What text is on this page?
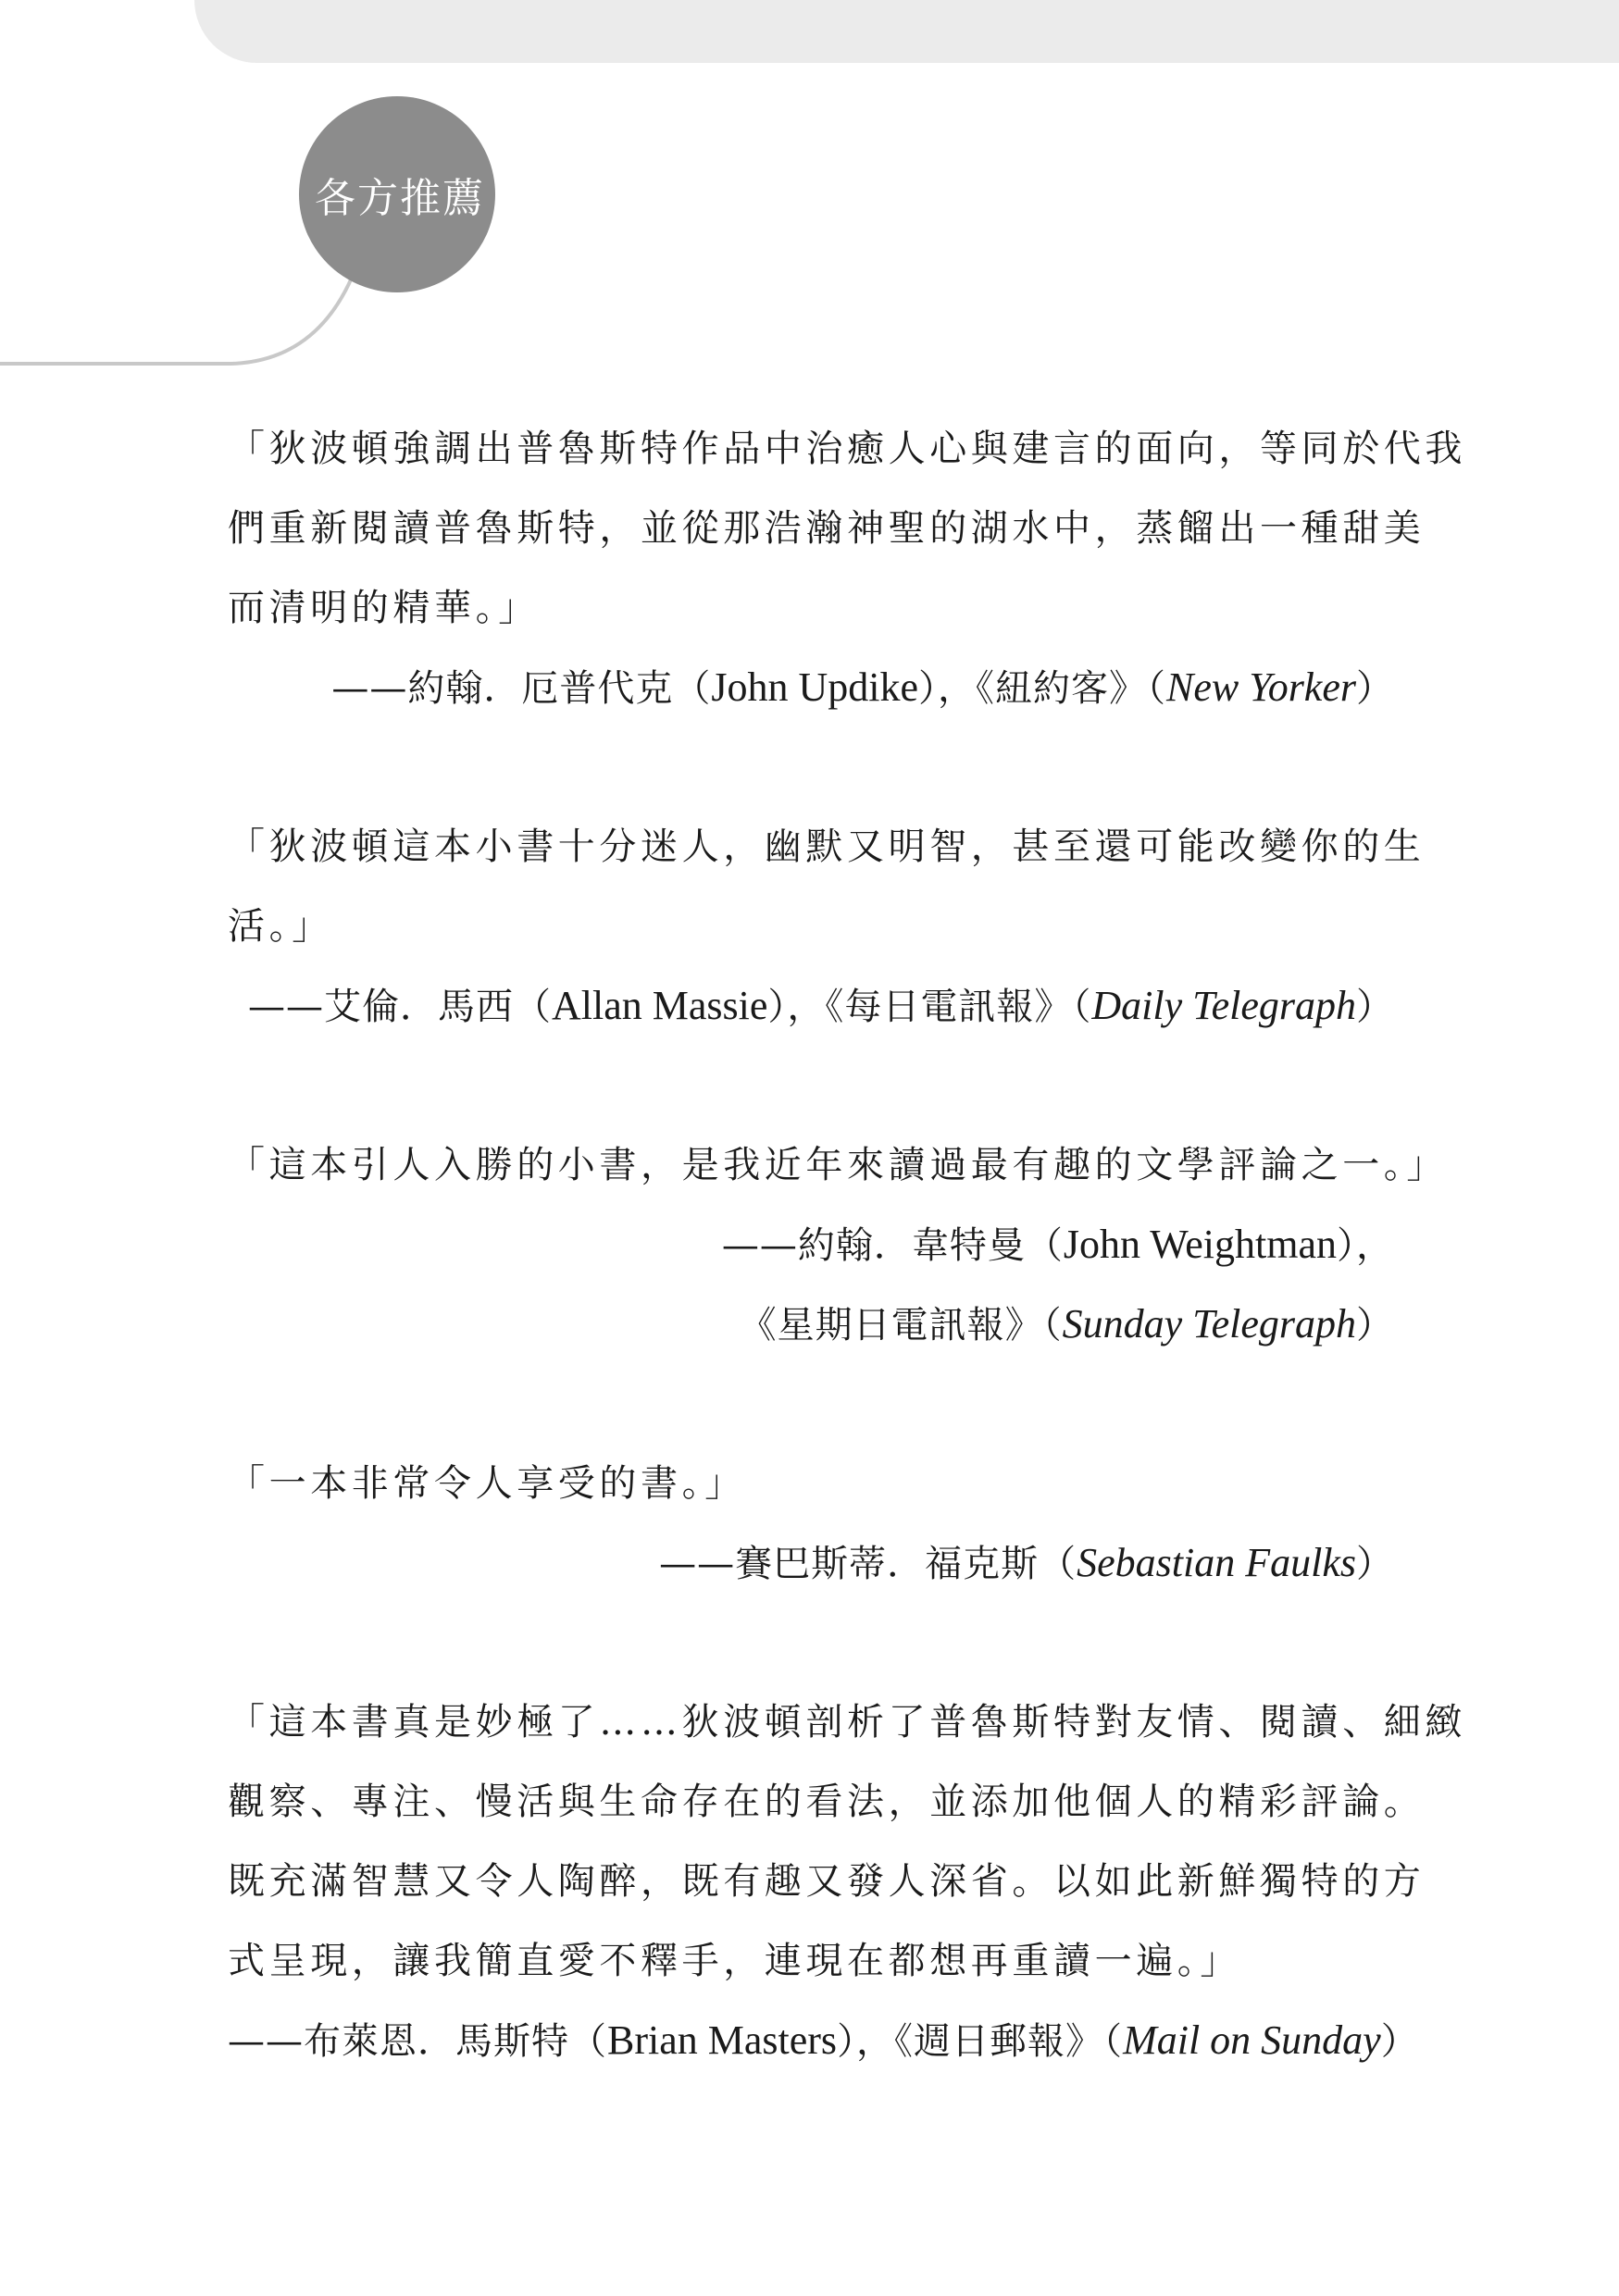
各方推薦
「狄波頓強調出普魯斯特作品中治癒人心與建言的面向，等同於代我
們重新閱讀普魯斯特，並從那浩瀚神聖的湖水中，蒸餾出一種甜美
而清明的精華。」
——約翰．厄普代克（John Updike），《紐約客》（New Yorker）
「狄波頓這本小書十分迷人，幽默又明智，甚至還可能改變你的生
活。」
——艾倫．馬西（Allan Massie），《每日電訊報》（Daily Telegraph）
「這本引人入勝的小書，是我近年來讀過最有趣的文學評論之一。」
——約翰．韋特曼（John Weightman），
《星期日電訊報》（Sunday Telegraph）
「一本非常令人享受的書。」
——賽巴斯蒂．福克斯（Sebastian Faulks）
「這本書真是妙極了……狄波頓剖析了普魯斯特對友情、閱讀、細緻
觀察、專注、慢活與生命存在的看法，並添加他個人的精彩評論。
既充滿智慧又令人陶醉，既有趣又發人深省。以如此新鮮獨特的方
式呈現，讓我簡直愛不釋手，連現在都想再重讀一遍。」
——布萊恩．馬斯特（Brian Masters），《週日郵報》（Mail on Sunday）
